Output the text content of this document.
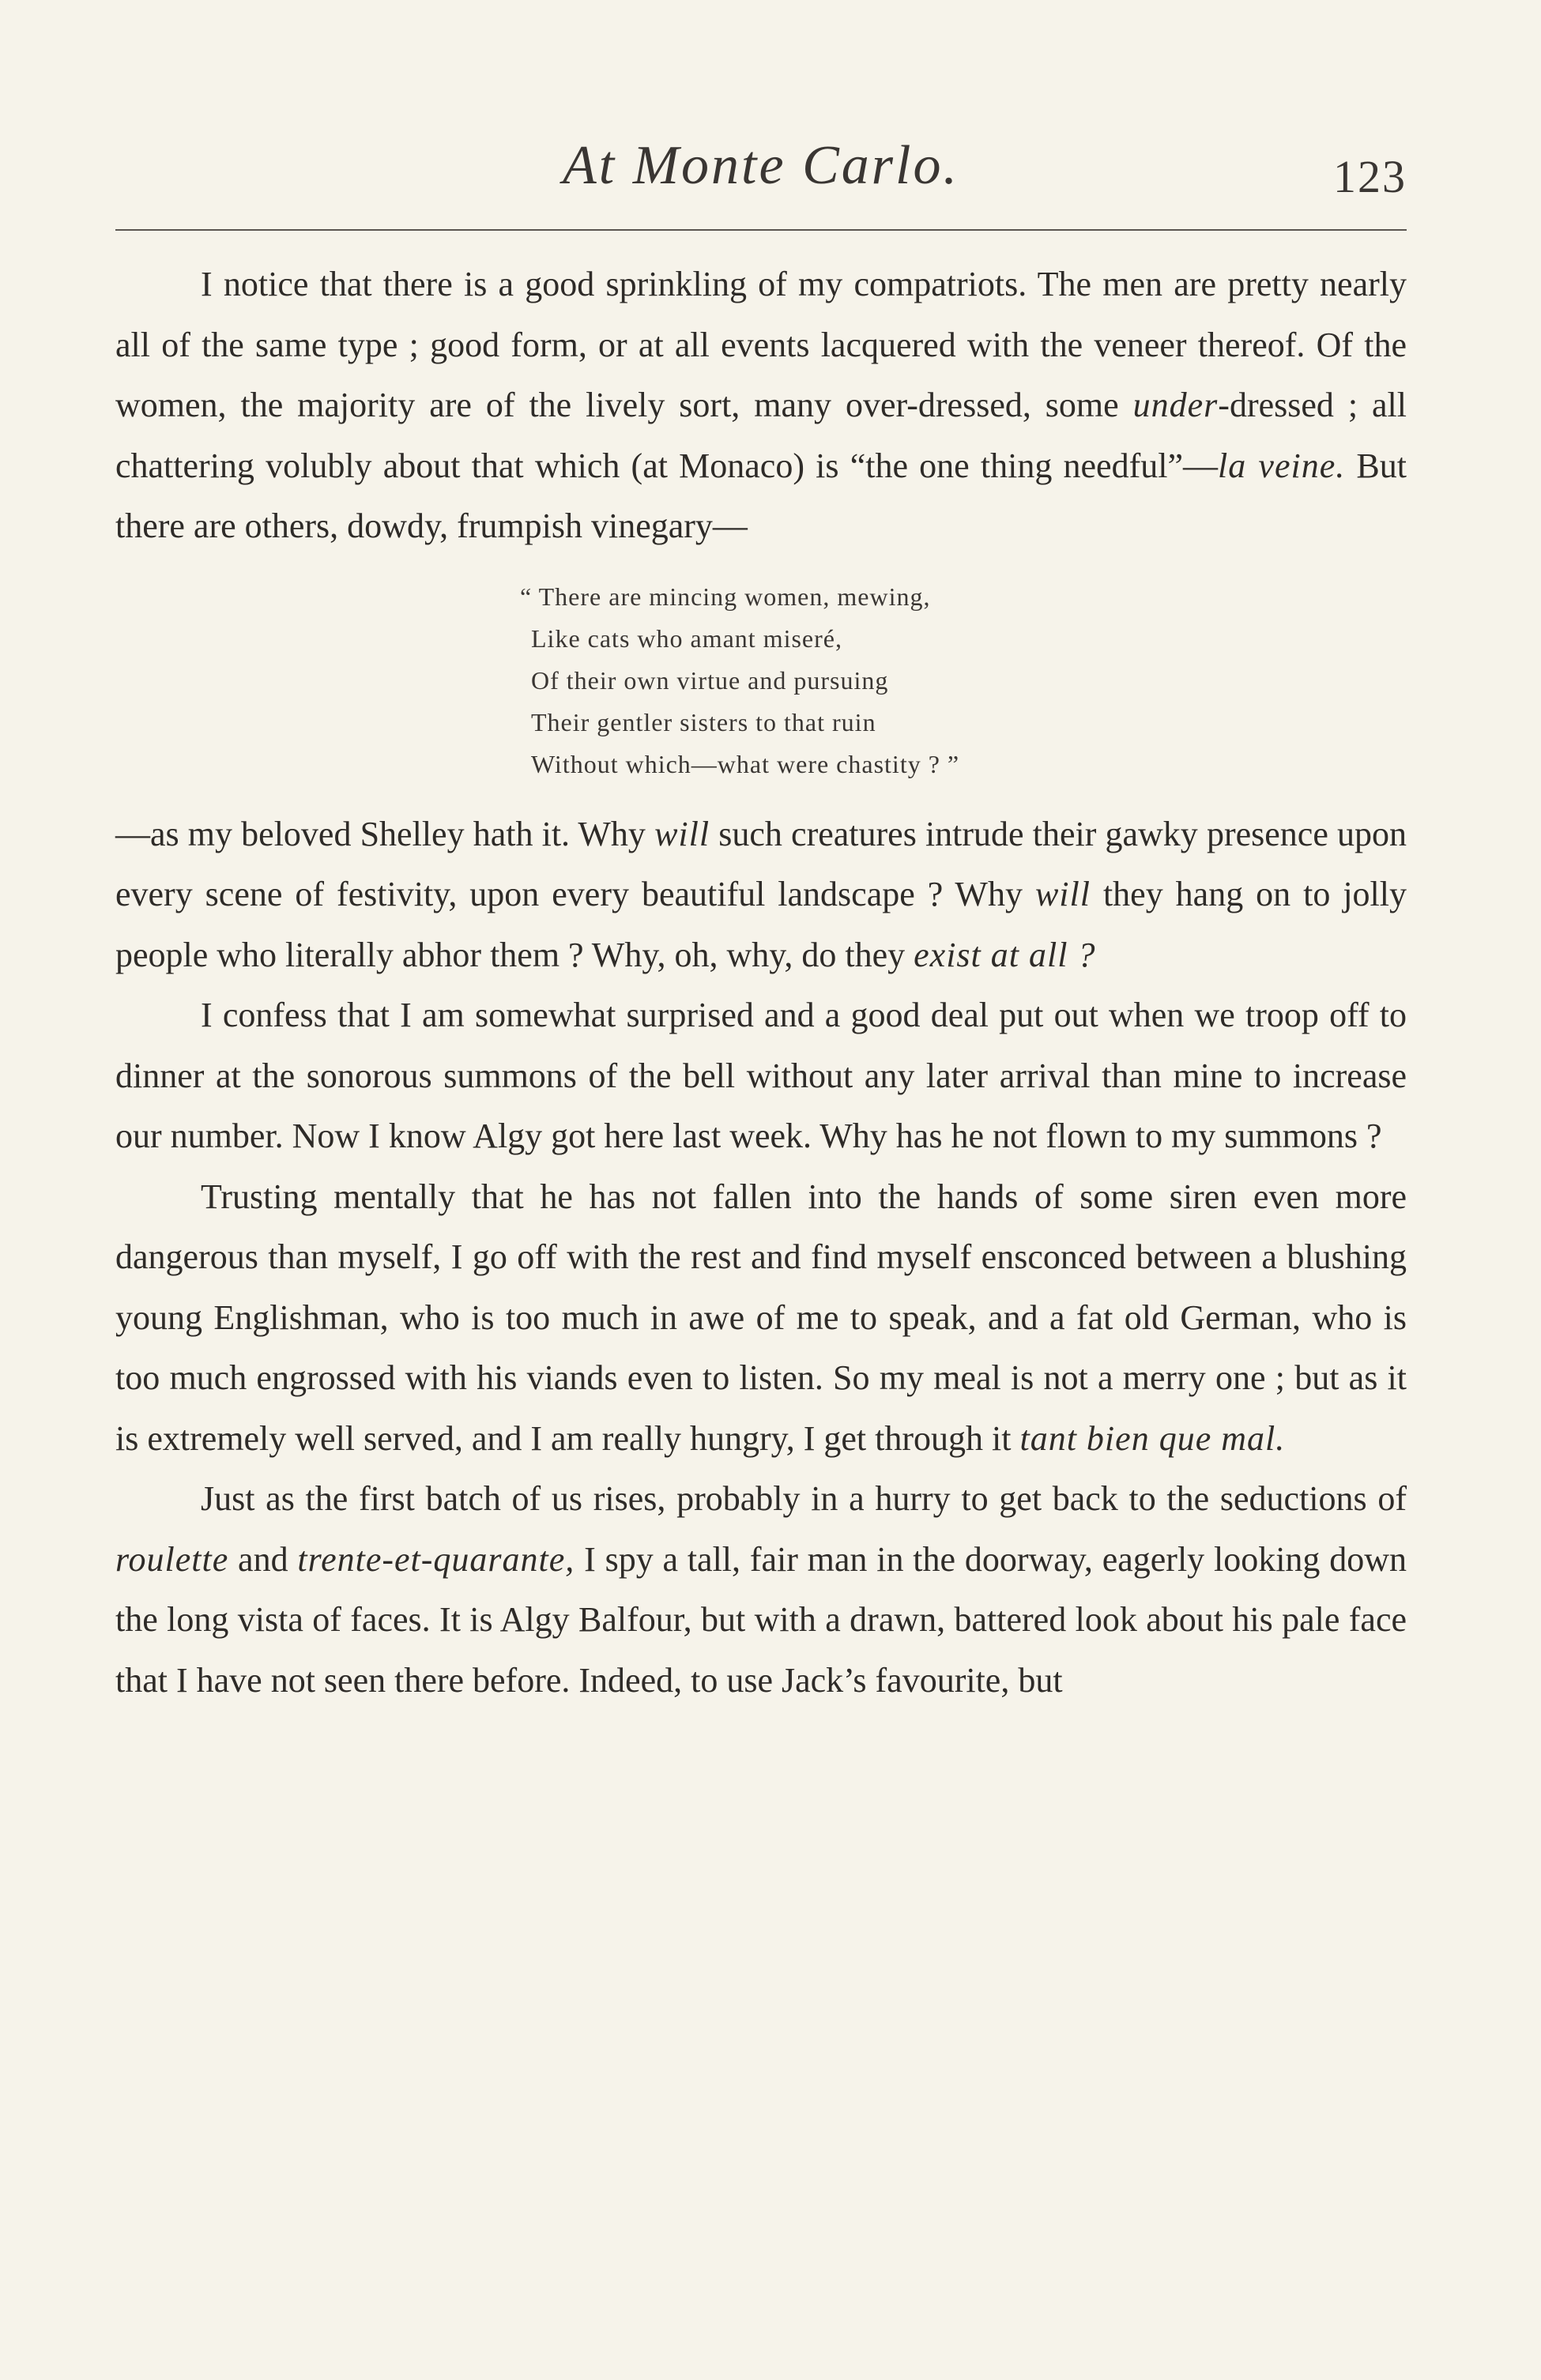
At Monte Carlo.	123

I notice that there is a good sprinkling of my compatriots. The men are pretty nearly all of the same type ; good form, or at all events lacquered with the veneer thereof. Of the women, the majority are of the lively sort, many over-dressed, some under-dressed ; all chattering volubly about that which (at Monaco) is “the one thing needful”—la veine. But there are others, dowdy, frumpish vinegary—

“ There are mincing women, mewing,
Like cats who amant miseré,
Of their own virtue and pursuing
Their gentler sisters to that ruin
Without which—what were chastity ? ”

—as my beloved Shelley hath it. Why will such creatures intrude their gawky presence upon every scene of festivity, upon every beautiful landscape ? Why will they hang on to jolly people who literally abhor them ? Why, oh, why, do they exist at all ?

I confess that I am somewhat surprised and a good deal put out when we troop off to dinner at the sonorous summons of the bell without any later arrival than mine to increase our number. Now I know Algy got here last week. Why has he not flown to my summons ?

Trusting mentally that he has not fallen into the hands of some siren even more dangerous than myself, I go off with the rest and find myself ensconced between a blushing young Englishman, who is too much in awe of me to speak, and a fat old German, who is too much engrossed with his viands even to listen. So my meal is not a merry one ; but as it is extremely well served, and I am really hungry, I get through it tant bien que mal.

Just as the first batch of us rises, probably in a hurry to get back to the seductions of roulette and trente-et-quarante, I spy a tall, fair man in the doorway, eagerly looking down the long vista of faces. It is Algy Balfour, but with a drawn, battered look about his pale face that I have not seen there before. Indeed, to use Jack’s favourite, but
